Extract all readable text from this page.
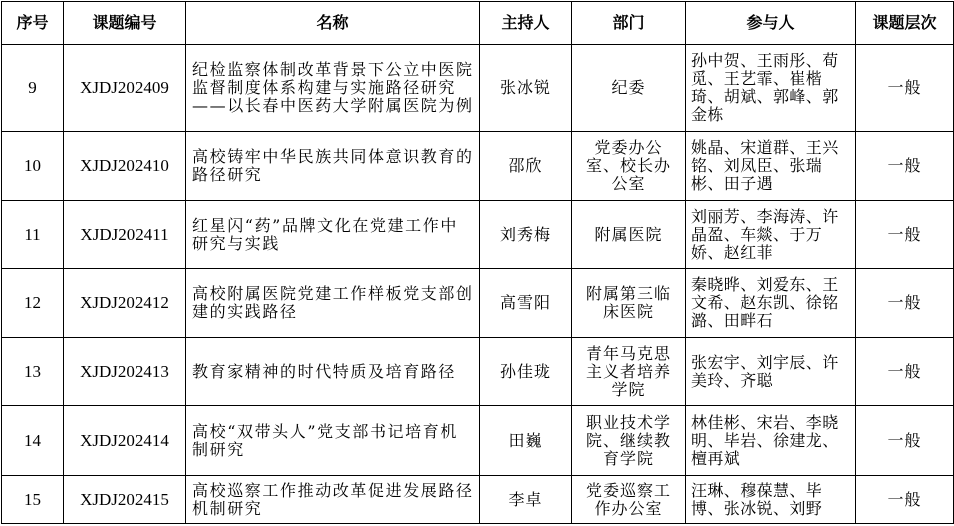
序号	课题编号	名称	主持人	部门	参与人	课题层次
9	XJDJ202409	纪检监察体制改革背景下公立中医院监督制度体系构建与实施路径研究——以长春中医药大学附属医院为例	张冰锐	纪委	孙中贺、王雨彤、荀觅、王艺霏、崔楷琦、胡斌、郭峰、郭金栋	一般
10	XJDJ202410	高校铸牢中华民族共同体意识教育的路径研究	邵欣	党委办公室、校长办公室	姚晶、宋道群、王兴铭、刘凤臣、张瑞彬、田子遇	一般
11	XJDJ202411	红星闪“药”品牌文化在党建工作中研究与实践	刘秀梅	附属医院	刘丽芳、李海涛、许晶盈、车燚、于万娇、赵红菲	一般
12	XJDJ202412	高校附属医院党建工作样板党支部创建的实践路径	高雪阳	附属第三临床医院	秦晓晔、刘爱东、王文希、赵东凯、徐铭潞、田畔石	一般
13	XJDJ202413	教育家精神的时代特质及培育路径	孙佳珑	青年马克思主义者培养学院	张宏宇、刘宇辰、许美玲、齐聪	一般
14	XJDJ202414	高校“双带头人”党支部书记培育机制研究	田巍	职业技术学院、继续教育学院	林佳彬、宋岩、李晓明、毕岩、徐建龙、檀再斌	一般
15	XJDJ202415	高校巡察工作推动改革促进发展路径机制研究	李卓	党委巡察工作办公室	汪琳、穆葆慧、毕博、张冰锐、刘野	一般
